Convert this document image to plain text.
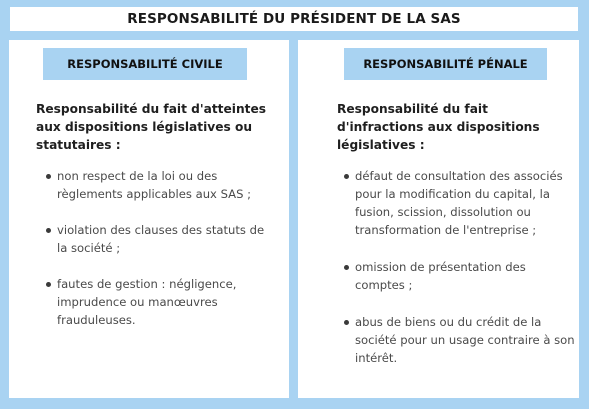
RESPONSABILITÉ DU PRÉSIDENT DE LA SAS
RESPONSABILITÉ CIVILE
Responsabilité du fait d'atteintes aux dispositions législatives ou statutaires :
non respect de la loi ou des règlements applicables aux SAS ;
violation des clauses des statuts de la société ;
fautes de gestion : négligence, imprudence ou manœuvres frauduleuses.
RESPONSABILITÉ PÉNALE
Responsabilité du fait d'infractions aux dispositions législatives :
défaut de consultation des associés pour la modification du capital, la fusion, scission, dissolution ou transformation de l'entreprise ;
omission de présentation des comptes ;
abus de biens ou du crédit de la société pour un usage contraire à son intérêt.
